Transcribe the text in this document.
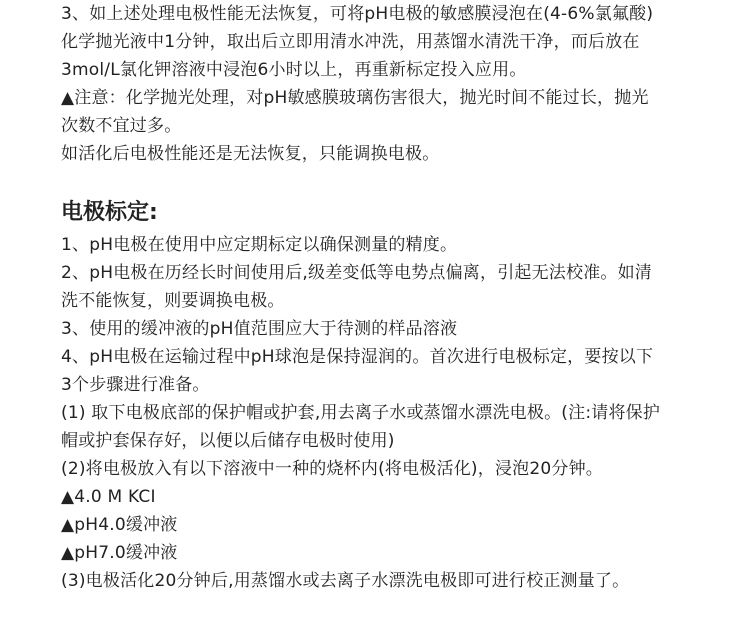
3、如上述处理电极性能无法恢复，可将pH电极的敏感膜浸泡在(4-6%氯氟酸)
化学抛光液中1分钟，取出后立即用清水冲洗，用蒸馏水清洗干净，而后放在
3mol/L氯化钾溶液中浸泡6小时以上，再重新标定投入应用。
▲注意：化学抛光处理，对pH敏感膜玻璃伤害很大，抛光时间不能过长，抛光
次数不宜过多。
如活化后电极性能还是无法恢复，只能调换电极。
电极标定:
1、pH电极在使用中应定期标定以确保测量的精度。
2、pH电极在历经长时间使用后,级差变低等电势点偏离，引起无法校准。如清
洗不能恢复，则要调换电极。
3、使用的缓冲液的pH值范围应大于待测的样品溶液
4、pH电极在运输过程中pH球泡是保持湿润的。首次进行电极标定，要按以下
3个步骤进行准备。
(1) 取下电极底部的保护帽或护套,用去离子水或蒸馏水漂洗电极。(注:请将保护
帽或护套保存好，以便以后储存电极时使用)
(2)将电极放入有以下溶液中一种的烧杯内(将电极活化)，浸泡20分钟。
▲4.0 M KCI
▲pH4.0缓冲液
▲pH7.0缓冲液
(3)电极活化20分钟后,用蒸馏水或去离子水漂洗电极即可进行校正测量了。
